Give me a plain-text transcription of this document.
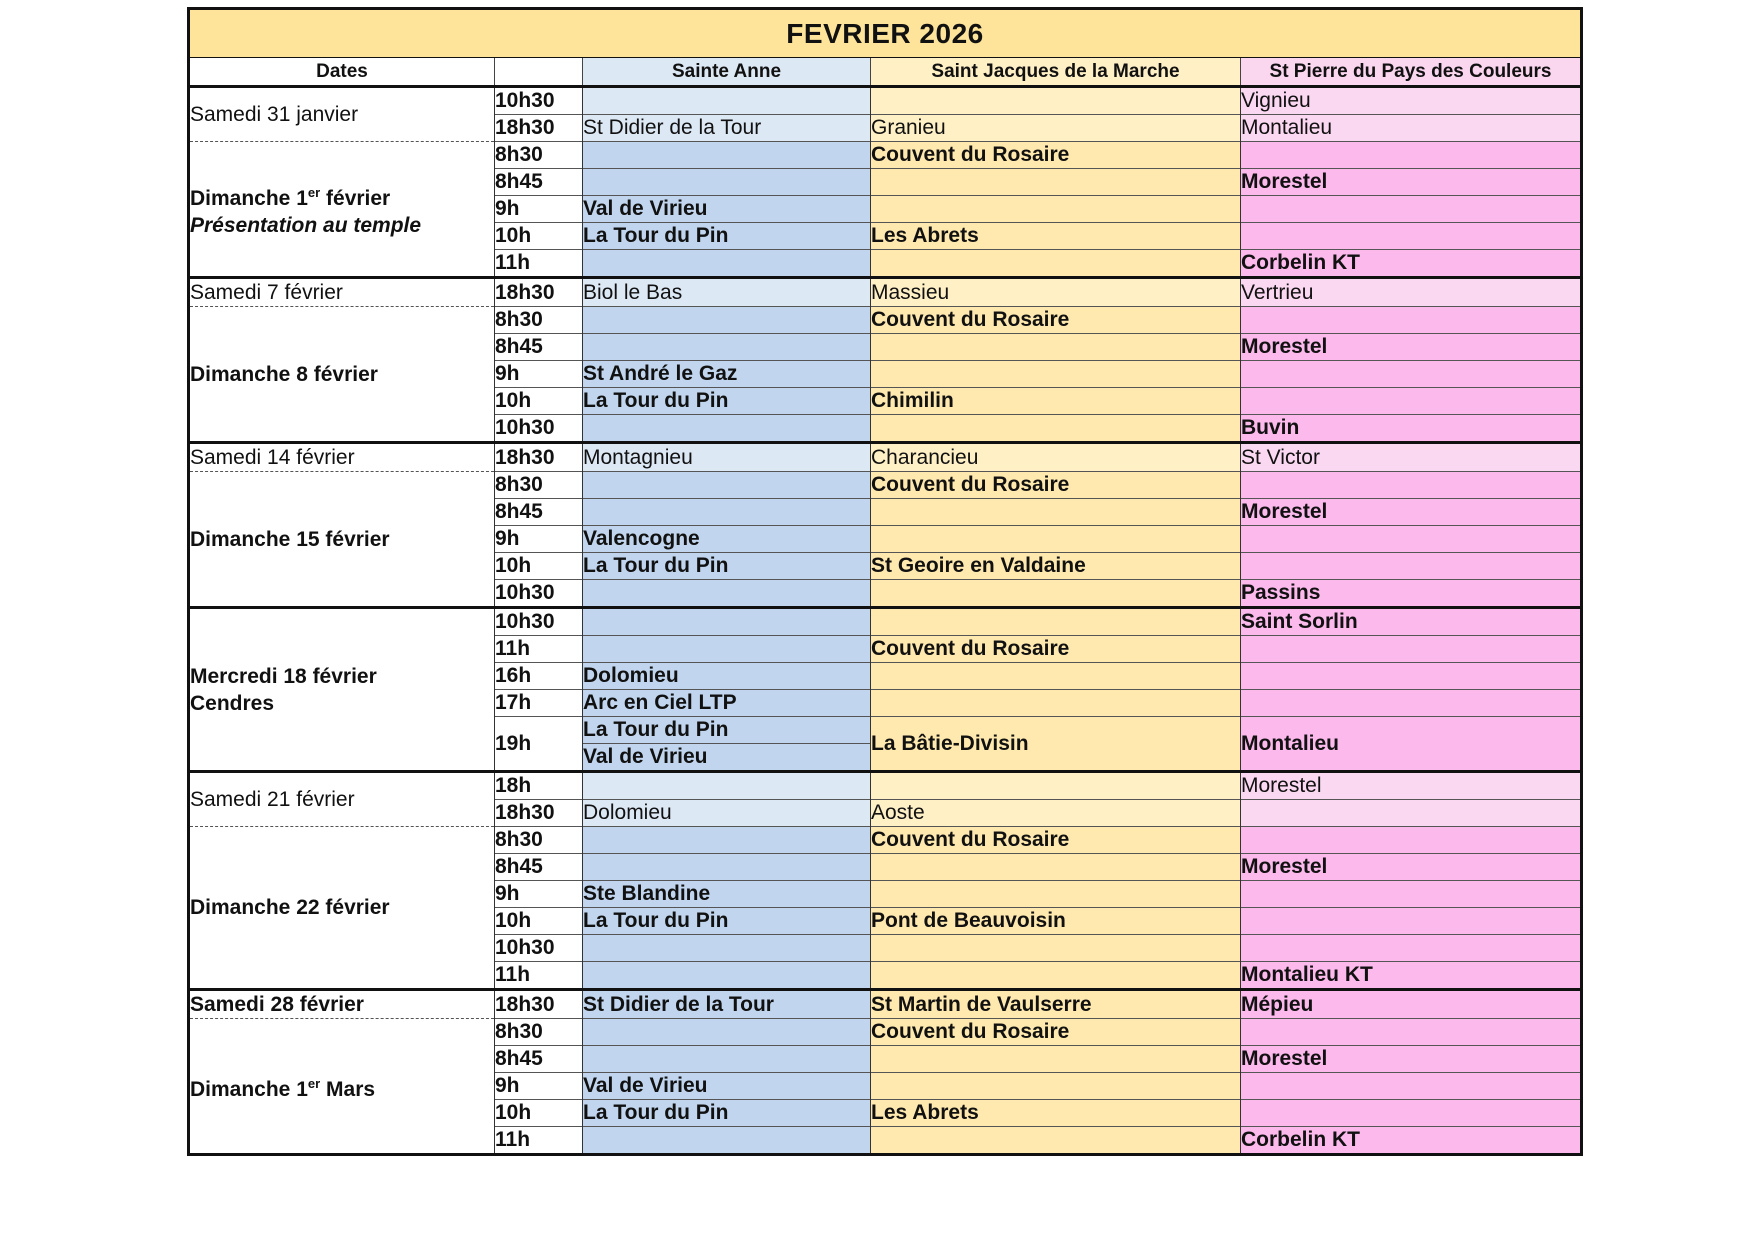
FEVRIER 2026				
Dates		Sainte Anne	Saint Jacques de la Marche	St Pierre du Pays des Couleurs

Samedi 31 janvier	10h30			Vignieu
	18h30	St Didier de la Tour	Granieu	Montalieu

Dimanche 1er février
Présentation au temple	8h30		Couvent du Rosaire	
	8h45			Morestel
	9h	Val de Virieu		
	10h	La Tour du Pin	Les Abrets	
	11h			Corbelin KT

Samedi 7 février	18h30	Biol le Bas	Massieu	Vertrieu

Dimanche 8 février	8h30		Couvent du Rosaire	
	8h45			Morestel
	9h	St André le Gaz		
	10h	La Tour du Pin	Chimilin	
	10h30			Buvin

Samedi 14 février	18h30	Montagnieu	Charancieu	St Victor

Dimanche 15 février	8h30		Couvent du Rosaire	
	8h45			Morestel
	9h	Valencogne		
	10h	La Tour du Pin	St Geoire en Valdaine	
	10h30			Passins

Mercredi 18 février
Cendres	10h30			Saint Sorlin
	11h		Couvent du Rosaire	
	16h	Dolomieu		
	17h	Arc en Ciel LTP		
	19h	La Tour du Pin	La Bâtie-Divisin	Montalieu
		Val de Virieu		

Samedi 21 février	18h			Morestel
	18h30	Dolomieu	Aoste	

Dimanche 22 février	8h30		Couvent du Rosaire	
	8h45			Morestel
	9h	Ste Blandine		
	10h	La Tour du Pin	Pont de Beauvoisin	
	10h30			
	11h			Montalieu KT

Samedi 28 février	18h30	St Didier de la Tour	St Martin de Vaulserre	Mépieu

Dimanche 1er Mars	8h30		Couvent du Rosaire	
	8h45			Morestel
	9h	Val de Virieu		
	10h	La Tour du Pin	Les Abrets	
	11h			Corbelin KT
